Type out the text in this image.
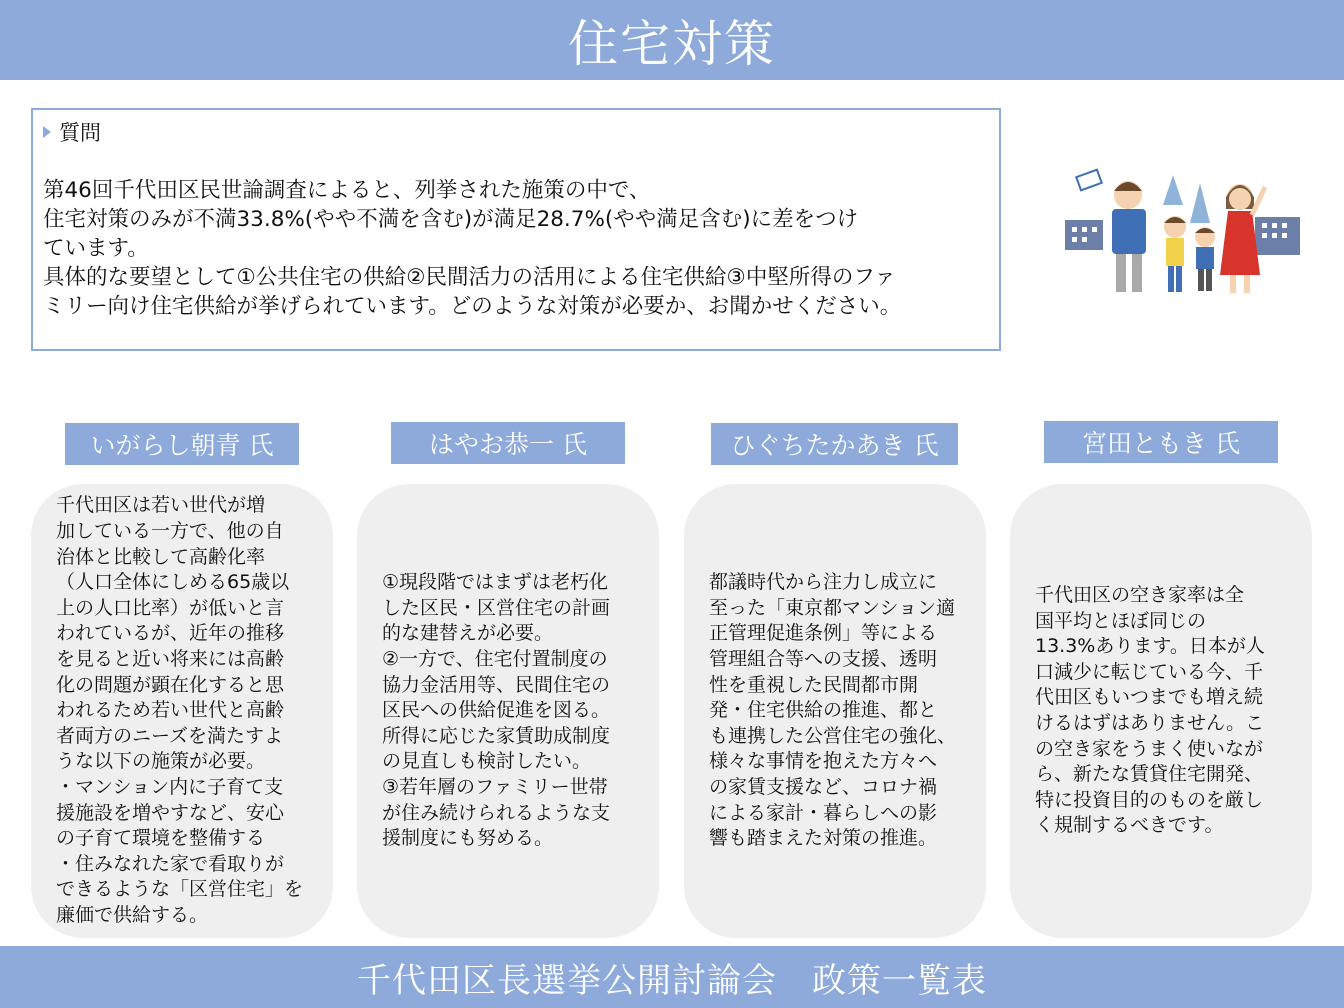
住宅対策
質問

第46回千代田区民世論調査によると、列挙された施策の中で、

住宅対策のみが不満33.8%(やや不満を含む)が満足28.7%(やや満足含む)に差をつけ

ています。

具体的な要望として①公共住宅の供給②民間活力の活用による住宅供給③中堅所得のファ

ミリー向け住宅供給が挙げられています。どのような対策が必要か、お聞かせください。

いがらし朝青 氏	はやお恭一 氏	ひぐちたかあき 氏	宮田ともき 氏

千代田区は若い世代が増

加している一方で、他の自

治体と比較して高齢化率

（人口全体にしめる65歳以

上の人口比率）が低いと言

われているが、近年の推移

を見ると近い将来には高齢

化の問題が顕在化すると思

われるため若い世代と高齢

者両方のニーズを満たすよ

うな以下の施策が必要。

・マンション内に子育て支

援施設を増やすなど、安心

の子育て環境を整備する

・住みなれた家で看取りが

できるような「区営住宅」を

廉価で供給する。

①現段階ではまずは老朽化

した区民・区営住宅の計画

的な建替えが必要。

②一方で、住宅付置制度の

協力金活用等、民間住宅の

区民への供給促進を図る。

所得に応じた家賃助成制度

の見直しも検討したい。

③若年層のファミリー世帯

が住み続けられるような支

援制度にも努める。

都議時代から注力し成立に

至った「東京都マンション適

正管理促進条例」等による

管理組合等への支援、透明

性を重視した民間都市開

発・住宅供給の推進、都と

も連携した公営住宅の強化、

様々な事情を抱えた方々へ

の家賃支援など、コロナ禍

による家計・暮らしへの影

響も踏まえた対策の推進。

千代田区の空き家率は全

国平均とほぼ同じの

13.3%あります。日本が人

口減少に転じている今、千

代田区もいつまでも増え続

けるはずはありません。こ

の空き家をうまく使いなが

ら、新たな賃貸住宅開発、

特に投資目的のものを厳し

く規制するべきです。

千代田区長選挙公開討論会　政策一覧表
